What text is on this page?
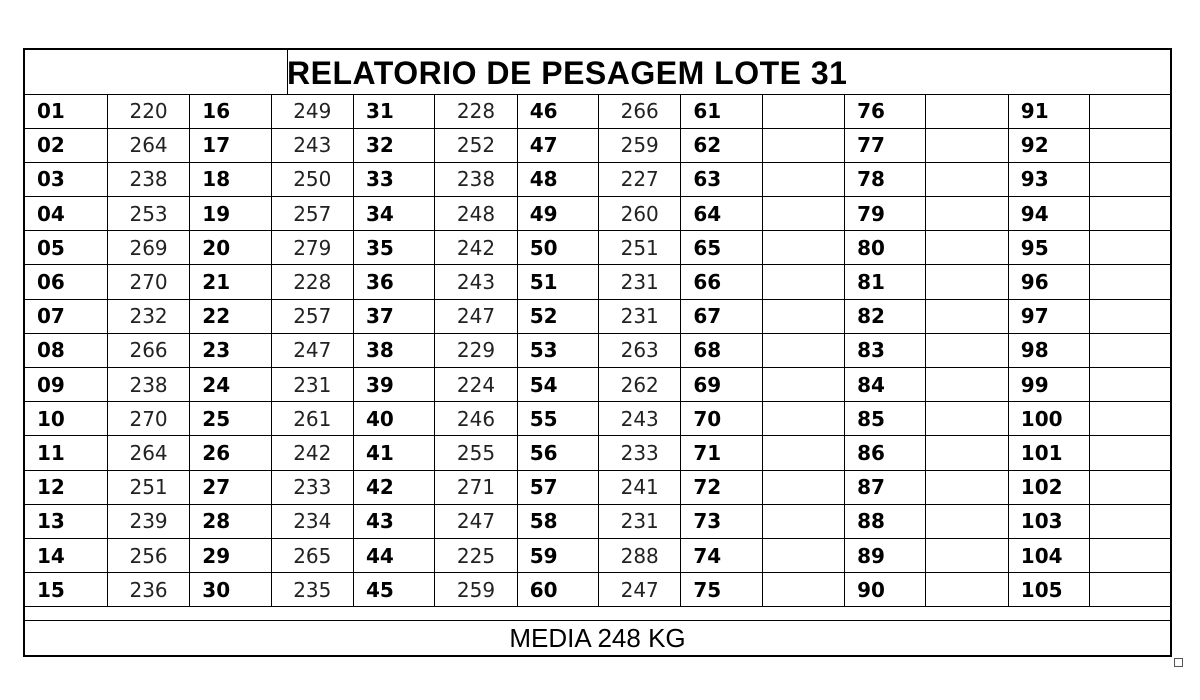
RELATORIO DE PESAGEM LOTE 31
01	220	16	249	31	228	46	266	61		76		91	
02	264	17	243	32	252	47	259	62		77		92	
03	238	18	250	33	238	48	227	63		78		93	
04	253	19	257	34	248	49	260	64		79		94	
05	269	20	279	35	242	50	251	65		80		95	
06	270	21	228	36	243	51	231	66		81		96	
07	232	22	257	37	247	52	231	67		82		97	
08	266	23	247	38	229	53	263	68		83		98	
09	238	24	231	39	224	54	262	69		84		99	
10	270	25	261	40	246	55	243	70		85		100	
11	264	26	242	41	255	56	233	71		86		101	
12	251	27	233	42	271	57	241	72		87		102	
13	239	28	234	43	247	58	231	73		88		103	
14	256	29	265	44	225	59	288	74		89		104	
15	236	30	235	45	259	60	247	75		90		105	
MEDIA 248 KG
